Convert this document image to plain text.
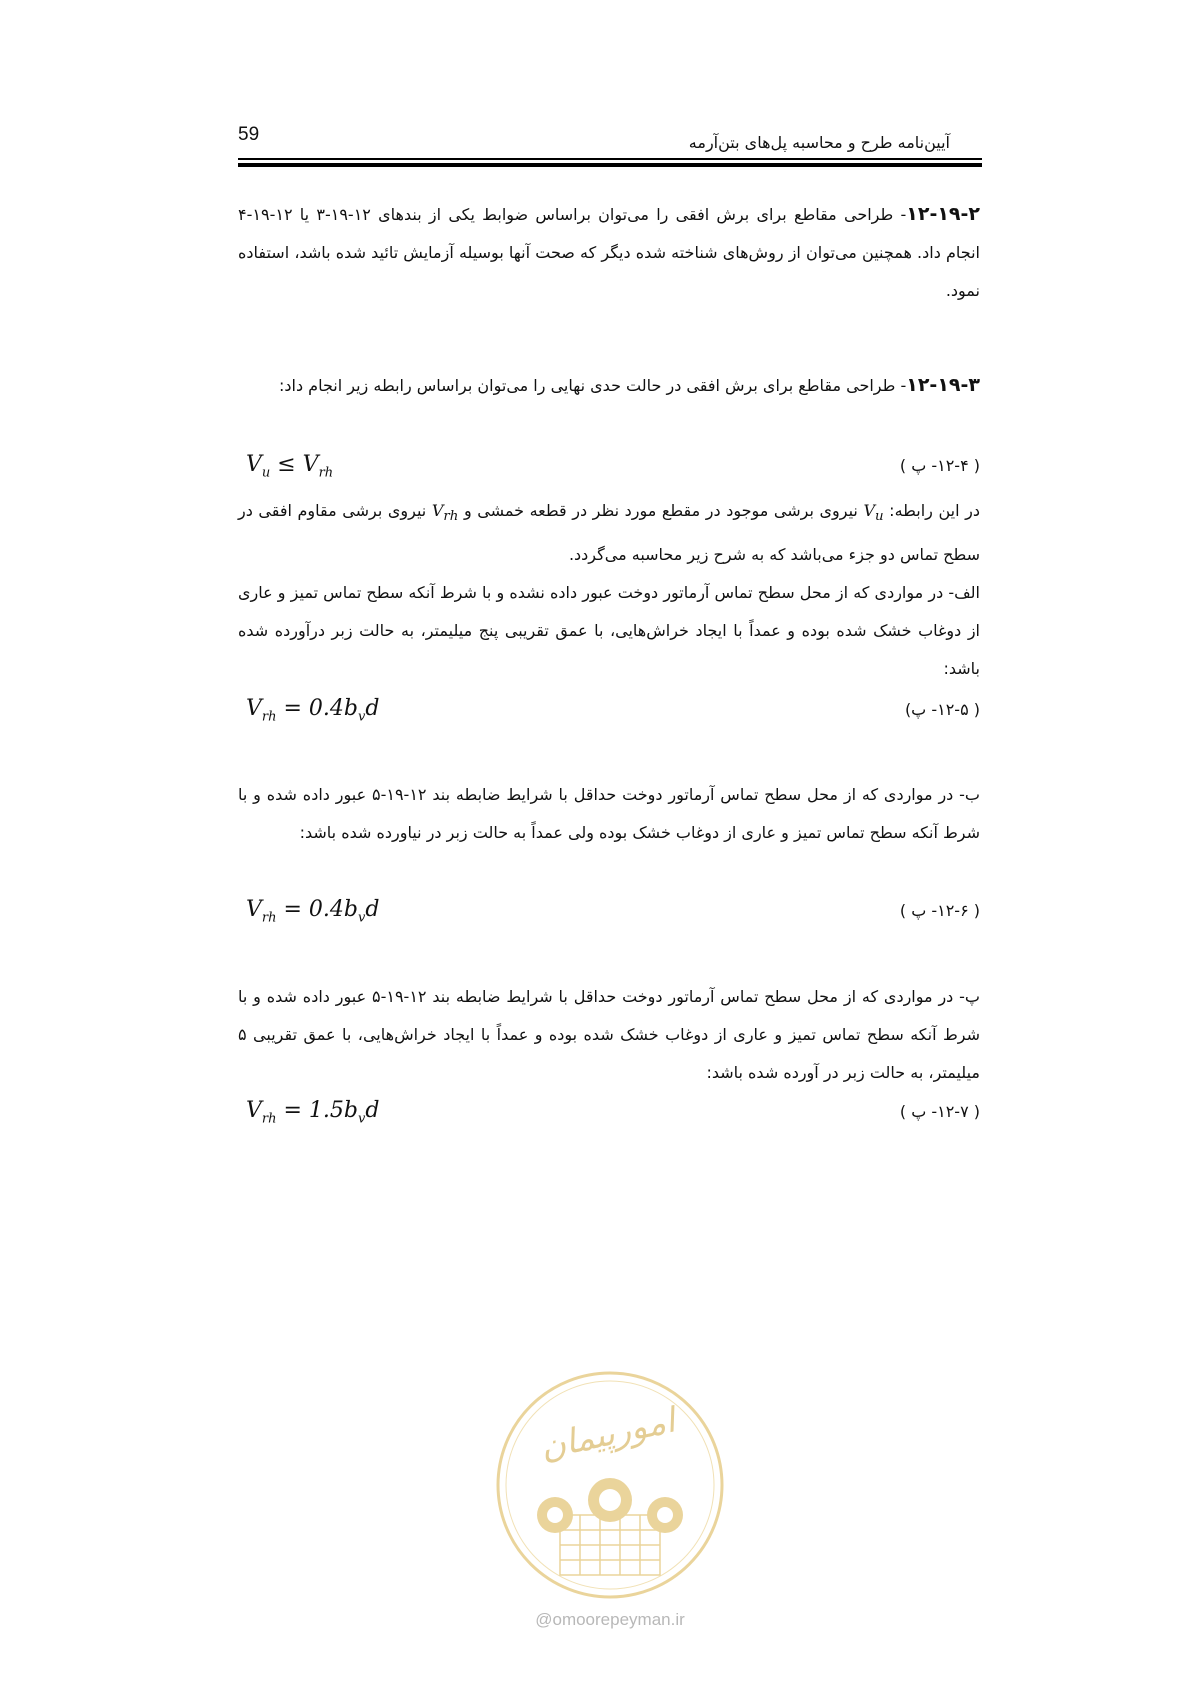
59	آیین‌نامه طرح و محاسبه پل‌های بتن‌آرمه
۱۲-۱۹-۲- طراحی مقاطع برای برش افقی را می‌توان براساس ضوابط یکی از بندهای ۱۲-۱۹-۳ یا ۱۲-۱۹-۴ انجام داد. همچنین می‌توان از روش‌های شناخته شده دیگر که صحت آنها بوسیله آزمایش تائید شده باشد، استفاده نمود.
۱۲-۱۹-۳- طراحی مقاطع برای برش افقی در حالت حدی نهایی را می‌توان براساس رابطه زیر انجام داد:
$V_u \le V_{rh}$	( ۱۲-۴- پ )
در این رابطه: $V_u$ نیروی برشی موجود در مقطع مورد نظر در قطعه خمشی و $V_{rh}$ نیروی برشی مقاوم افقی در سطح تماس دو جزء می‌باشد که به شرح زیر محاسبه می‌گردد.
الف- در مواردی که از محل سطح تماس آرماتور دوخت عبور داده نشده و با شرط آنکه سطح تماس تمیز و عاری از دوغاب خشک شده بوده و عمداً با ایجاد خراش‌هایی، با عمق تقریبی پنج میلیمتر، به حالت زبر درآورده شده باشد:
$V_{rh} = 0.4b_vd$	( ۱۲-۵- پ)
ب- در مواردی که از محل سطح تماس آرماتور دوخت حداقل با شرایط ضابطه بند ۱۲-۱۹-۵ عبور داده شده و با شرط آنکه سطح تماس تمیز و عاری از دوغاب خشک بوده ولی عمداً به حالت زبر در نیاورده شده باشد:
$V_{rh} = 0.4b_vd$	( ۱۲-۶- پ )
پ- در مواردی که از محل سطح تماس آرماتور دوخت حداقل با شرایط ضابطه بند ۱۲-۱۹-۵ عبور داده شده و با شرط آنکه سطح تماس تمیز و عاری از دوغاب خشک شده بوده و عمداً با ایجاد خراش‌هایی، با عمق تقریبی ۵ میلیمتر، به حالت زبر در آورده شده باشد:
$V_{rh} = 1.5b_vd$	( ۱۲-۷- پ )
امورپیمان
@omoorepeyman.ir
